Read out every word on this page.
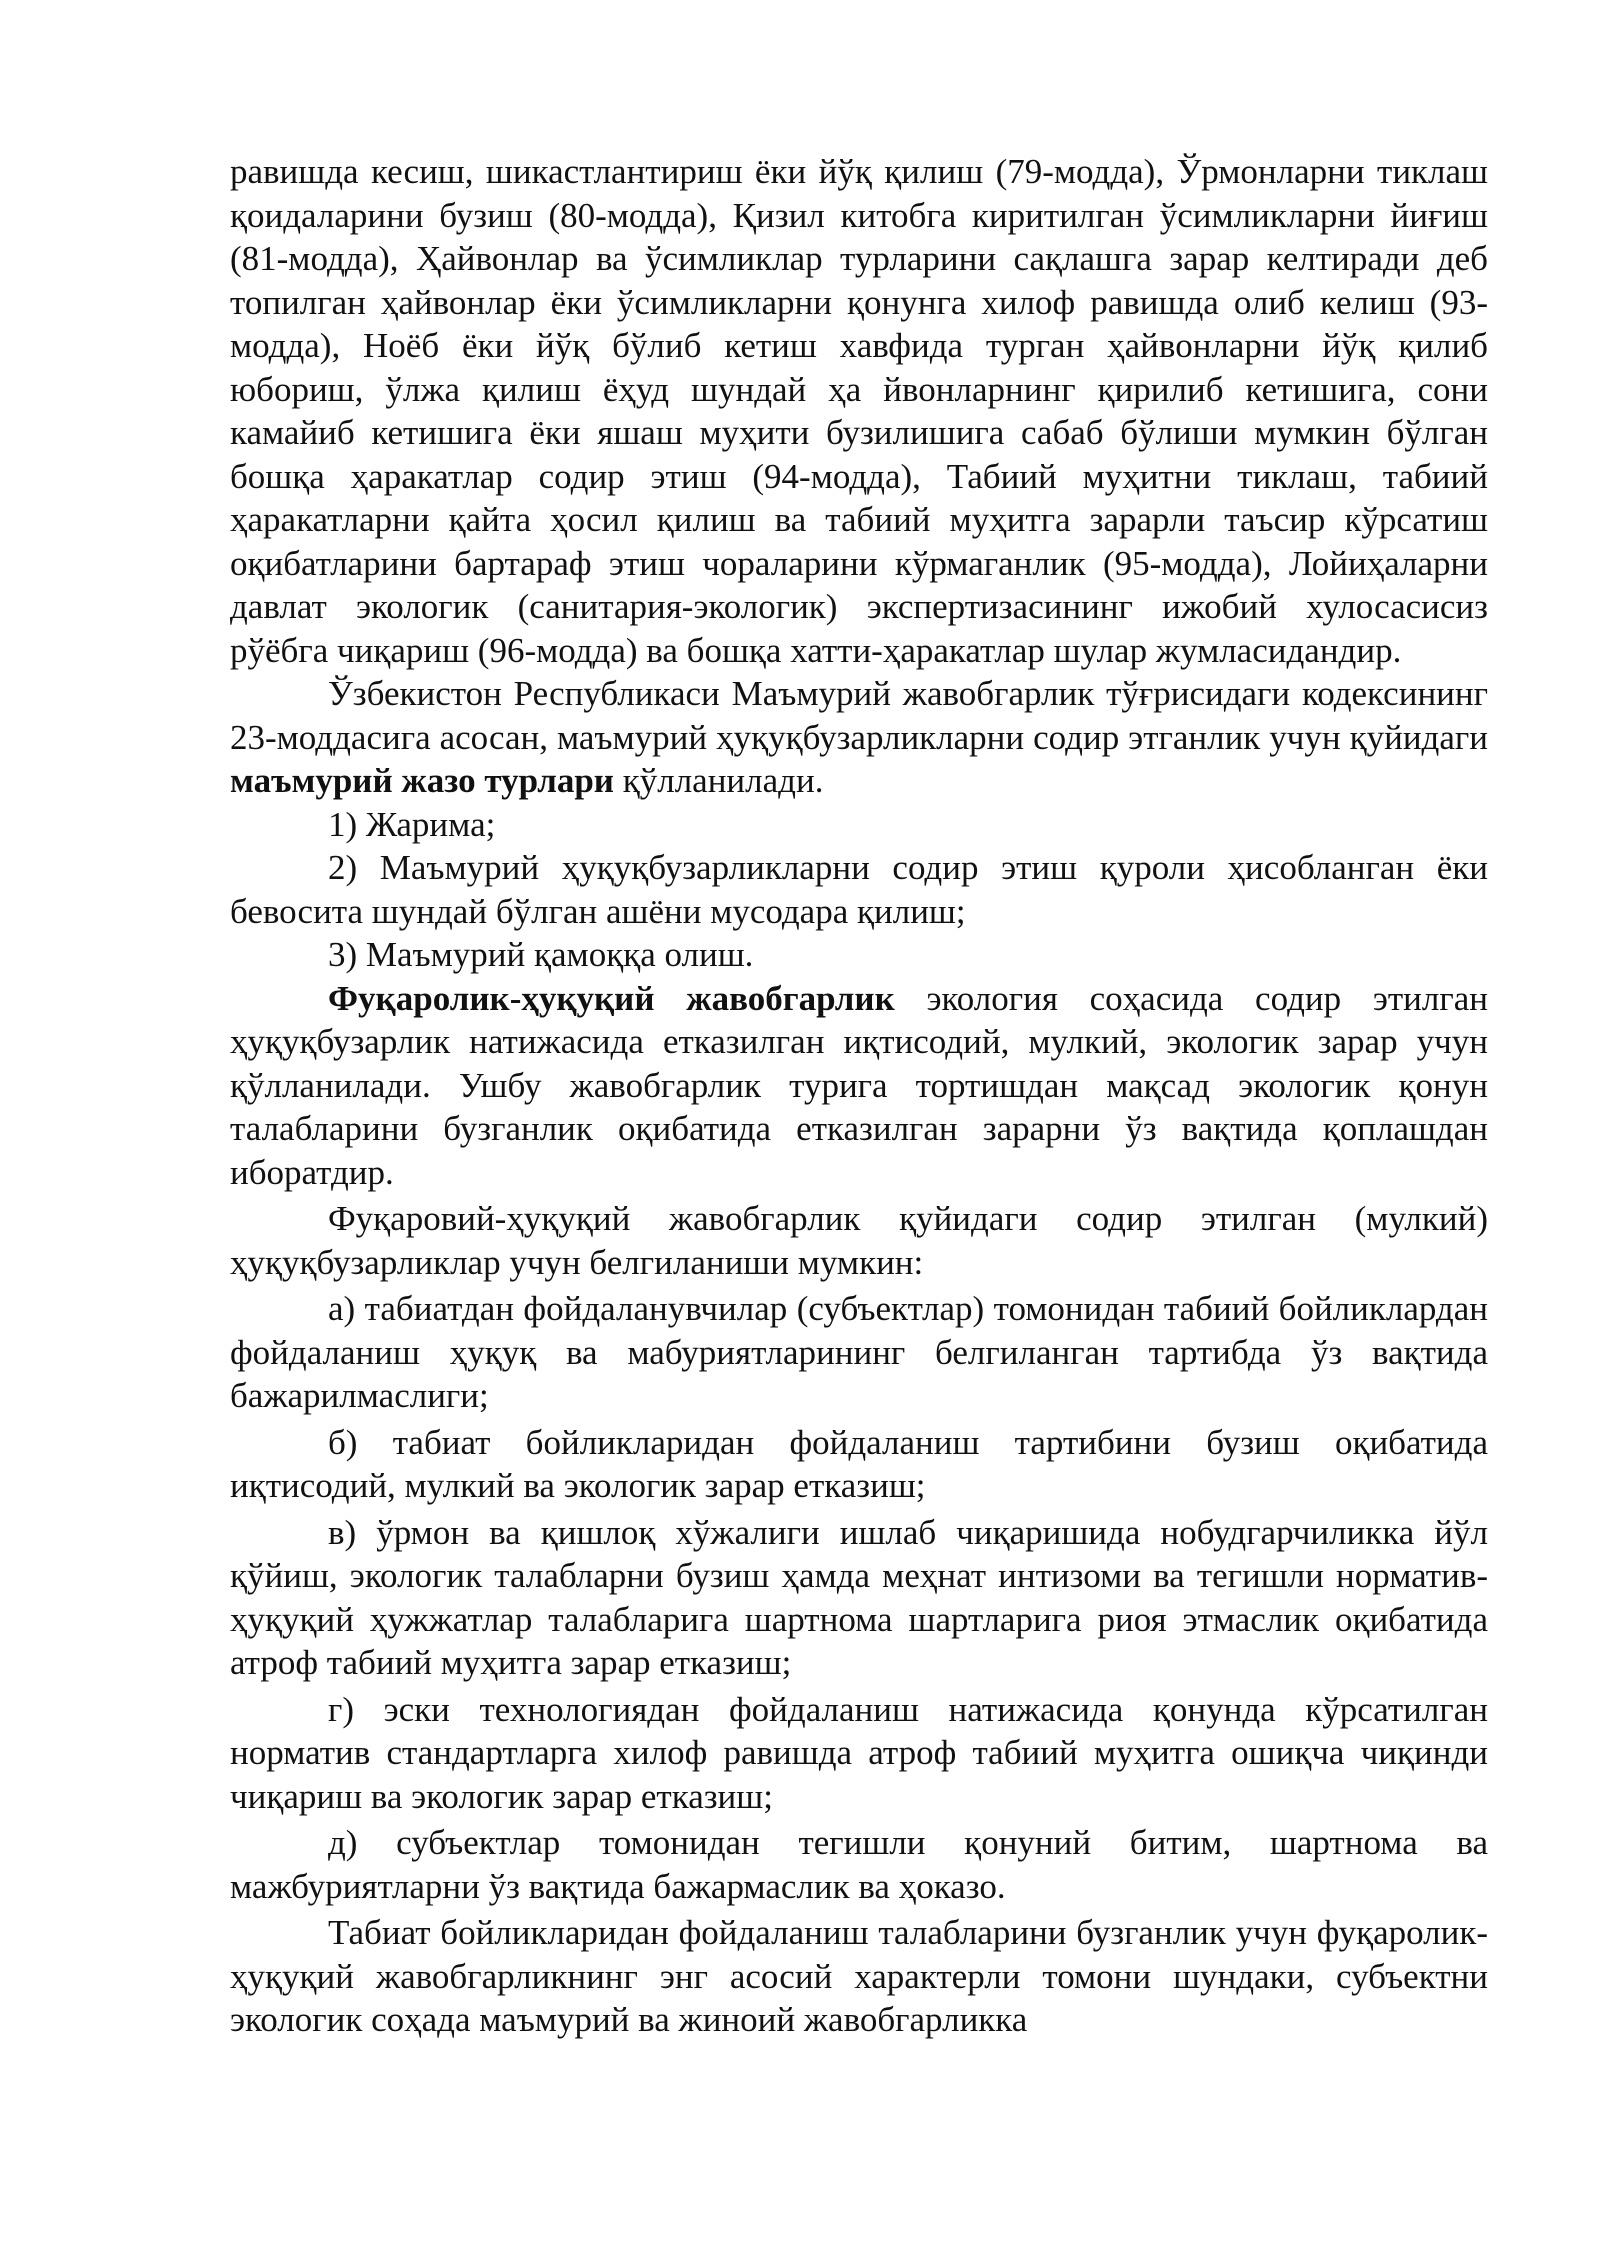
равишда кесиш, шикастлантириш ёки йўқ қилиш (79-модда), Ўрмонларни тиклаш қоидаларини бузиш (80-модда), Қизил китобга киритилган ўсимликларни йиғиш (81-модда), Ҳайвонлар ва ўсимликлар турларини сақлашга зарар келтиради деб топилган ҳайвонлар ёки ўсимликларни қонунга хилоф равишда олиб келиш (93-модда), Ноёб ёки йўқ бўлиб кетиш хавфида турган ҳайвонларни йўқ қилиб юбориш, ўлжа қилиш ёҳуд шундай ҳа йвонларнинг қирилиб кетишига, сони камайиб кетишига ёки яшаш муҳити бузилишига сабаб бўлиши мумкин бўлган бошқа ҳаракатлар содир этиш (94-модда), Табиий муҳитни тиклаш, табиий ҳаракатларни қайта ҳосил қилиш ва табиий муҳитга зарарли таъсир кўрсатиш оқибатларини бартараф этиш чораларини кўрмаганлик (95-модда), Лойиҳаларни давлат экологик (санитария-экологик) экспертизасининг ижобий хулосасисиз рўёбга чиқариш (96-модда) ва бошқа хатти-ҳаракатлар шулар жумласидандир.

Ўзбекистон Республикаси Маъмурий жавобгарлик тўғрисидаги кодексининг 23-моддасига асосан, маъмурий ҳуқуқбузарликларни содир этганлик учун қуйидаги маъмурий жазо турлари қўлланилади.

1) Жарима;

2) Маъмурий ҳуқуқбузарликларни содир этиш қуроли ҳисобланган ёки бевосита шундай бўлган ашёни мусодара қилиш;

3) Маъмурий қамоққа олиш.

Фуқаролик-ҳуқуқий жавобгарлик экология соҳасида содир этилган ҳуқуқбузарлик натижасида етказилган иқтисодий, мулкий, экологик зарар учун қўлланилади. Ушбу жавобгарлик турига тортишдан мақсад экологик қонун талабларини бузганлик оқибатида етказилган зарарни ўз вақтида қоплашдан иборатдир.

Фуқаровий-ҳуқуқий жавобгарлик қуйидаги содир этилган (мулкий) ҳуқуқбузарликлар учун белгиланиши мумкин:

а) табиатдан фойдаланувчилар (субъектлар) томонидан табиий бойликлардан фойдаланиш ҳуқуқ ва мабуриятларининг белгиланган тартибда ўз вақтида бажарилмаслиги;

б) табиат бойликларидан фойдаланиш тартибини бузиш оқибатида иқтисодий, мулкий ва экологик зарар етказиш;

в) ўрмон ва қишлоқ хўжалиги ишлаб чиқаришида нобудгарчиликка йўл қўйиш, экологик талабларни бузиш ҳамда меҳнат интизоми ва тегишли норматив-ҳуқуқий ҳужжатлар талабларига шартнома шартларига риоя этмаслик оқибатида атроф табиий муҳитга зарар етказиш;

г) эски технологиядан фойдаланиш натижасида қонунда кўрсатилган норматив стандартларга хилоф равишда атроф табиий муҳитга ошиқча чиқинди чиқариш ва экологик зарар етказиш;

д) субъектлар томонидан тегишли қонуний битим, шартнома ва мажбуриятларни ўз вақтида бажармаслик ва ҳоказо.

Табиат бойликларидан фойдаланиш талабларини бузганлик учун фуқаролик-ҳуқуқий жавобгарликнинг энг асосий характерли томони шундаки, субъектни экологик соҳада маъмурий ва жиноий жавобгарликка
